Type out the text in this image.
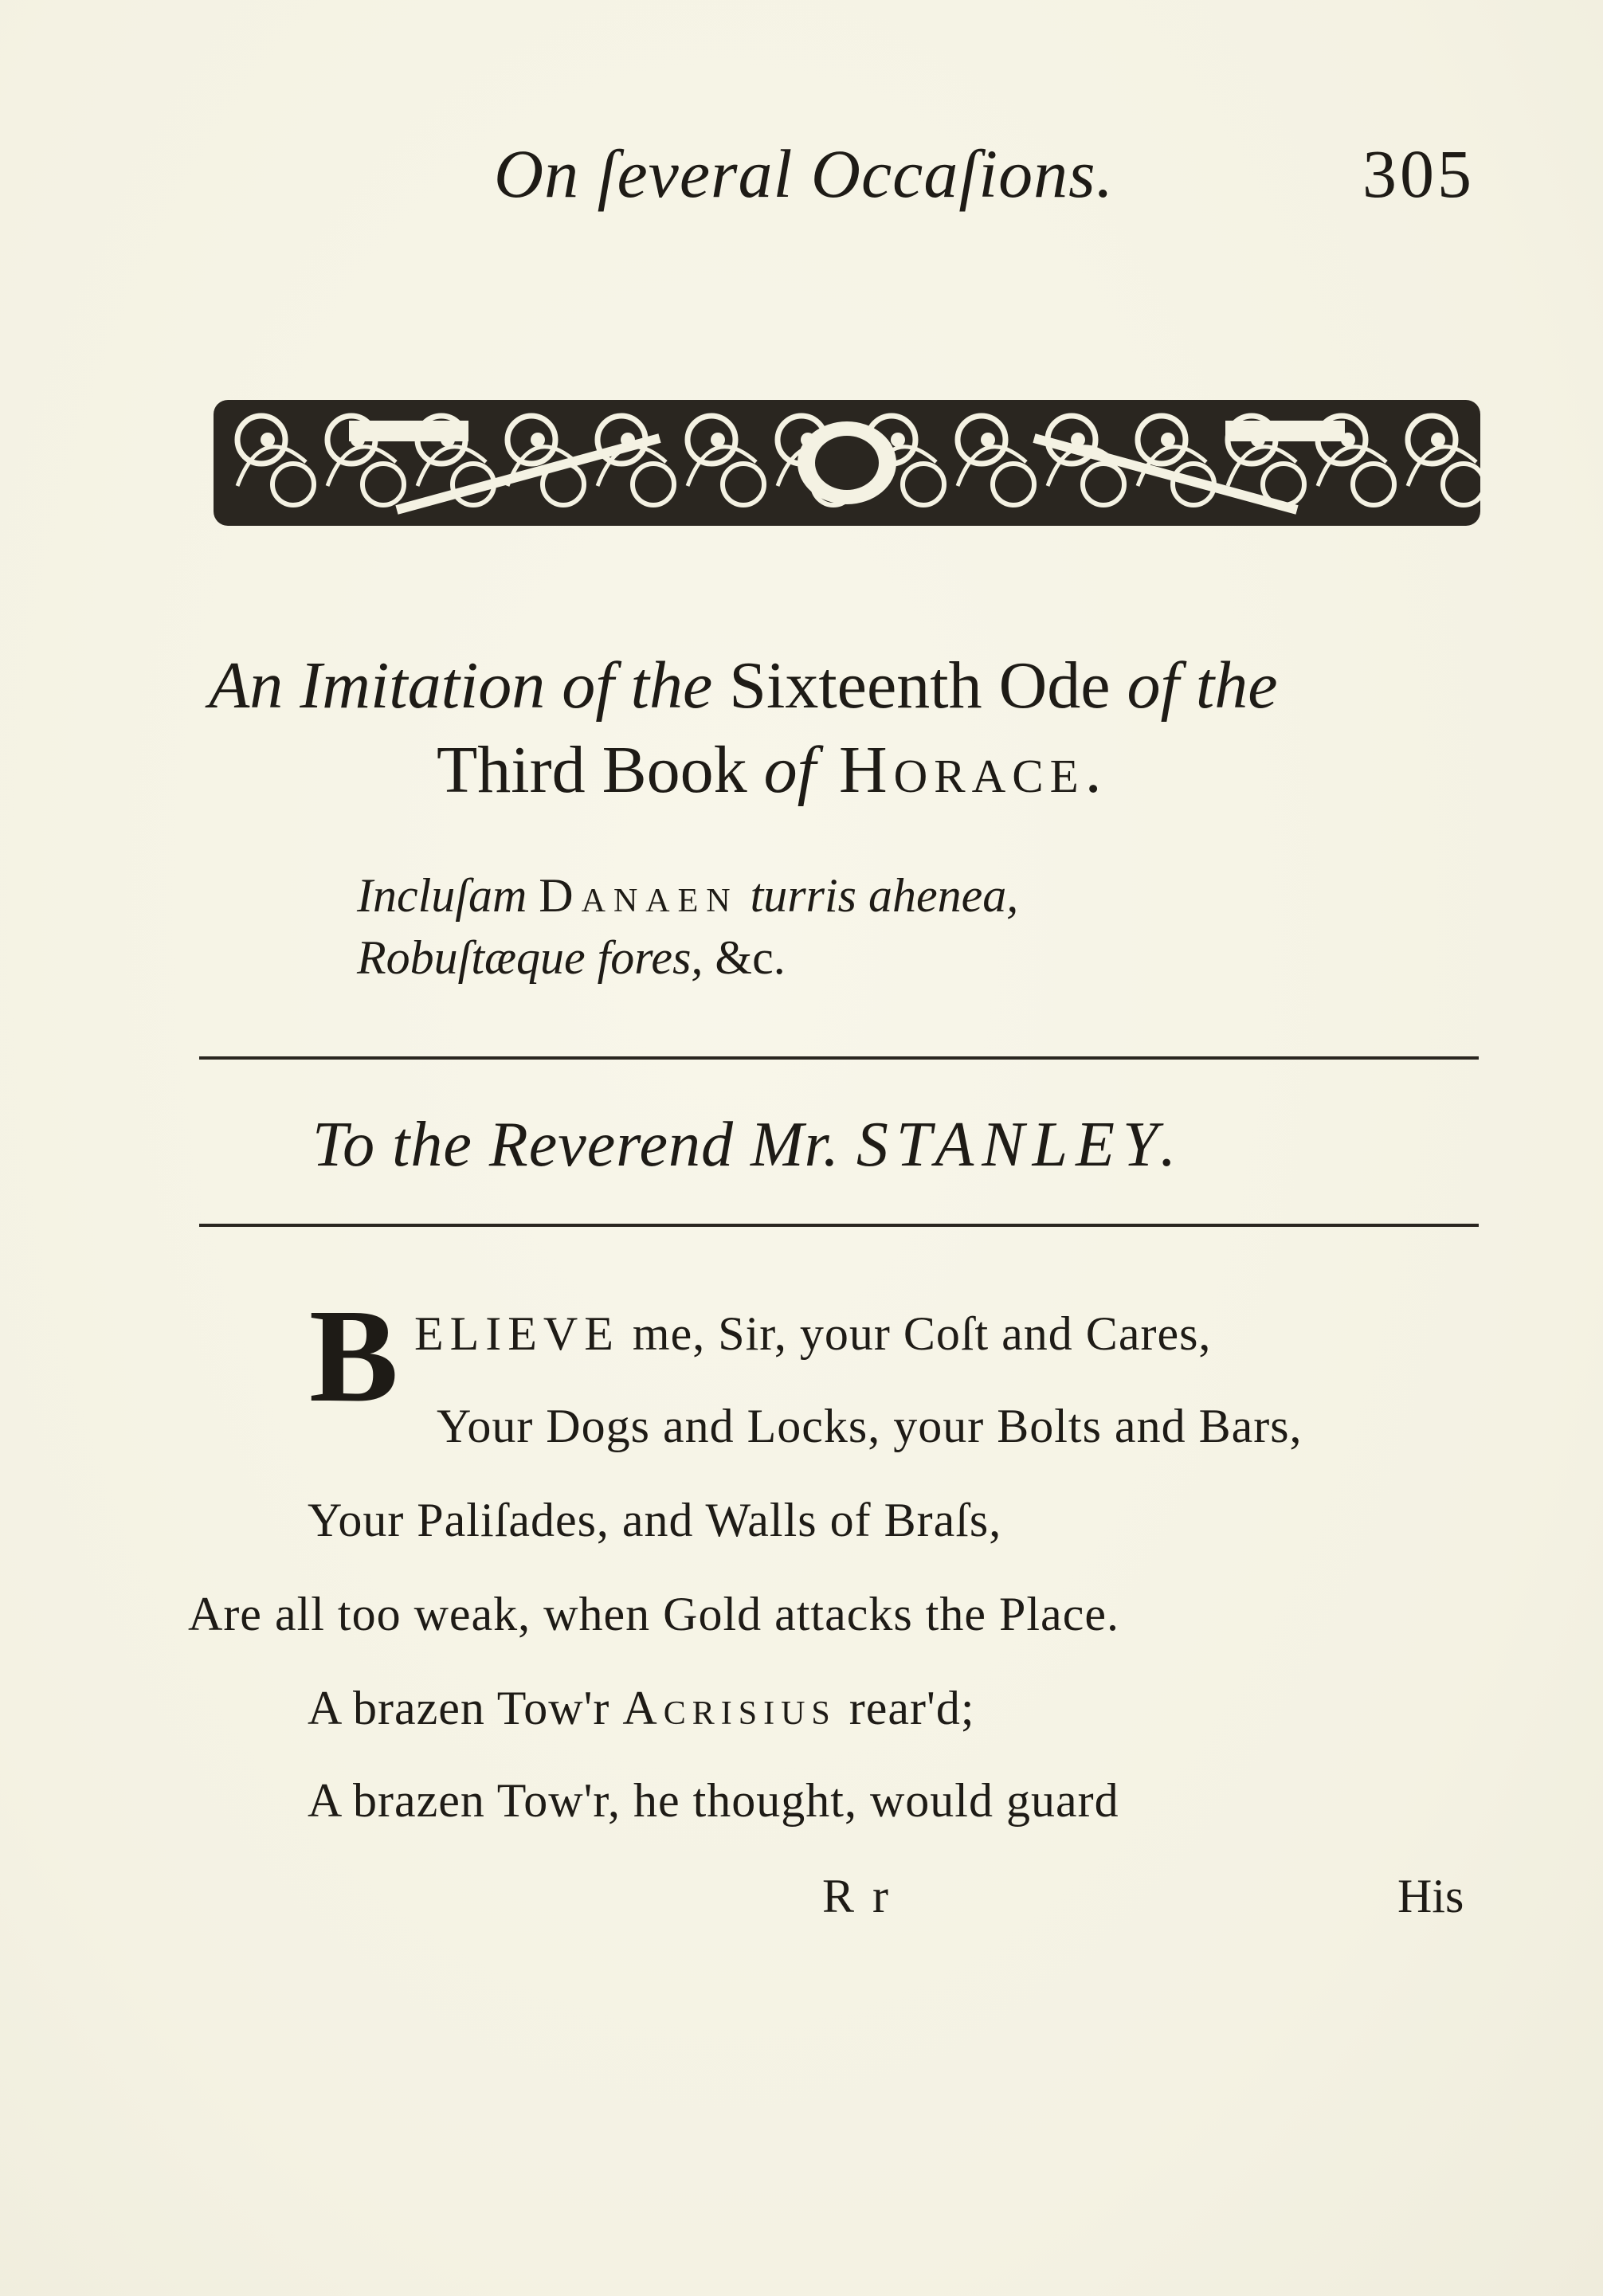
On ſeveral Occaſions.	305
An Imitation of the Sixteenth Ode of the
Third Book of Horace.
Incluſam Danaen turris ahenea,
Robuſtæque fores, &c.
To the Reverend Mr. STANLEY.
B ELIEVE me, Sir, your Coſt and Cares,
Your Dogs and Locks, your Bolts and Bars,
Your Paliſades, and Walls of Braſs,
Are all too weak, when Gold attacks the Place.
A brazen Tow'r Acrisius rear'd;
A brazen Tow'r, he thought, would guard
R r	His
